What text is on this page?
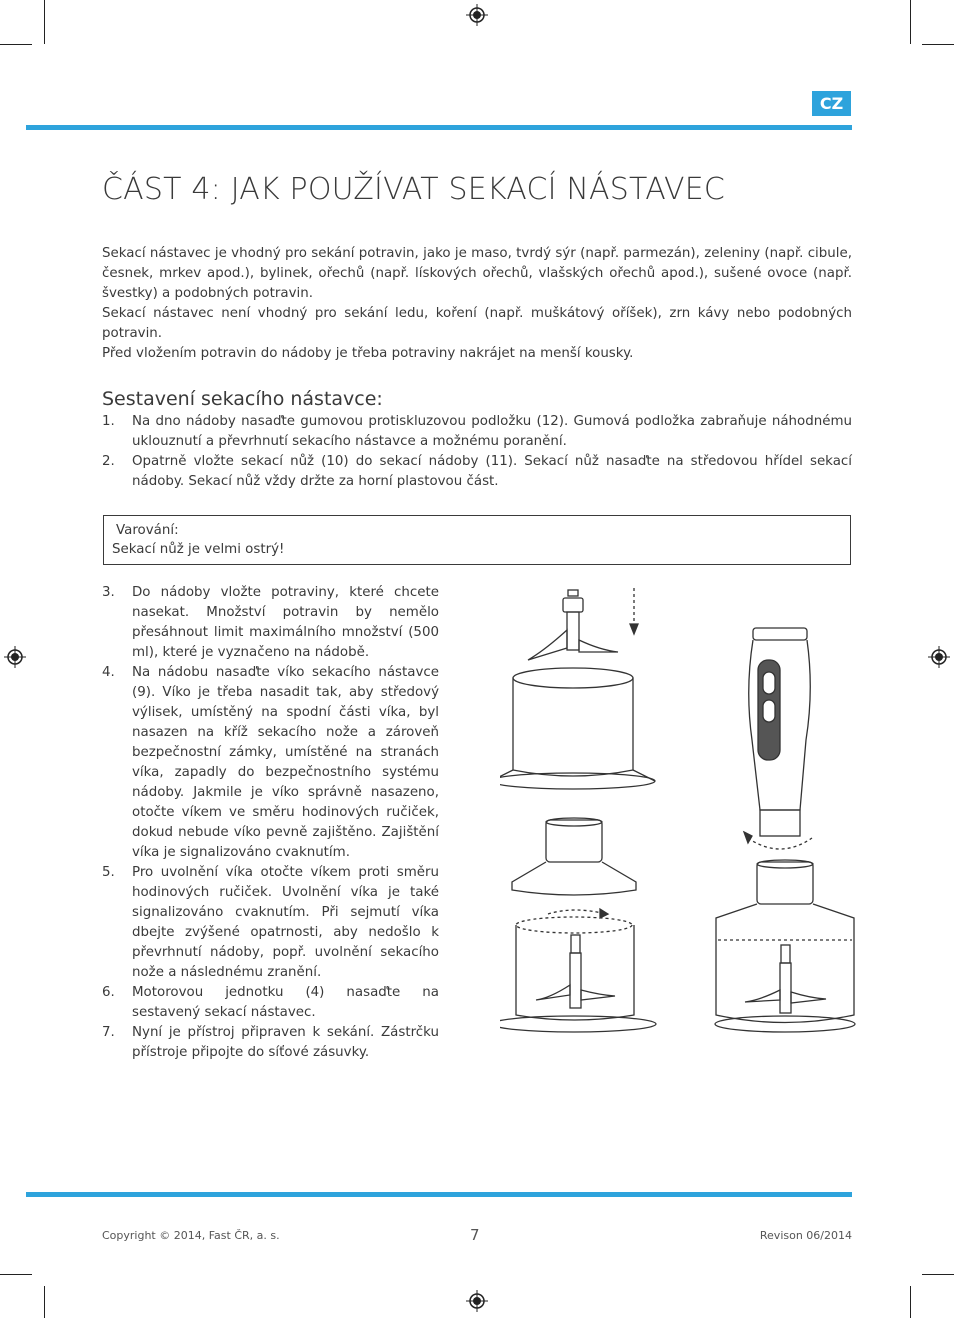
CZ
ČÁST 4: JAK POUŽÍVAT SEKACÍ NÁSTAVEC

Sekací nástavec je vhodný pro sekání potravin, jako je maso, tvrdý sýr (např. parmezán), zeleniny (např. cibule, česnek, mrkev apod.), bylinek, ořechů (např. lískových ořechů, vlašských ořechů apod.), sušené ovoce (např. švestky) a podobných potravin.

Sekací nástavec není vhodný pro sekání ledu, koření (např. muškátový oříšek), zrn kávy nebo podobných potravin.

Před vložením potravin do nádoby je třeba potraviny nakrájet na menší kousky.

Sestavení sekacího nástavce:
1. Na dno nádoby nasaďte gumovou protiskluzovou podložku (12). Gumová podložka zabraňuje náhodnému uklouznutí a převrhnutí sekacího nástavce a možnému poranění.
2. Opatrně vložte sekací nůž (10) do sekací nádoby (11). Sekací nůž nasaďte na středovou hřídel sekací nádoby. Sekací nůž vždy držte za horní plastovou část.
Varování:
Sekací nůž je velmi ostrý!
3. Do nádoby vložte potraviny, které chcete nasekat. Množství potravin by nemělo přesáhnout limit maximálního množství (500 ml), které je vyznačeno na nádobě.
4. Na nádobu nasaďte víko sekacího nástavce (9). Víko je třeba nasadit tak, aby středový výlisek, umístěný na spodní části víka, byl nasazen na kříž sekacího nože a zároveň bezpečnostní zámky, umístěné na stranách víka, zapadly do bezpečnostního systému nádoby. Jakmile je víko správně nasazeno, otočte víkem ve směru hodinových ručiček, dokud nebude víko pevně zajištěno. Zajištění víka je signalizováno cvaknutím.
5. Pro uvolnění víka otočte víkem proti směru hodinových ručiček. Uvolnění víka je také signalizováno cvaknutím. Při sejmutí víka dbejte zvýšené opatrnosti, aby nedošlo k převrhnutí nádoby, popř. uvolnění sekacího nože a následnému zranění.
6. Motorovou jednotku (4) nasaďte na sestavený sekací nástavec.
7. Nyní je přístroj připraven k sekání. Zástrčku přístroje připojte do síťové zásuvky.
Copyright © 2014, Fast ČR, a. s.	7	Revison 06/2014
